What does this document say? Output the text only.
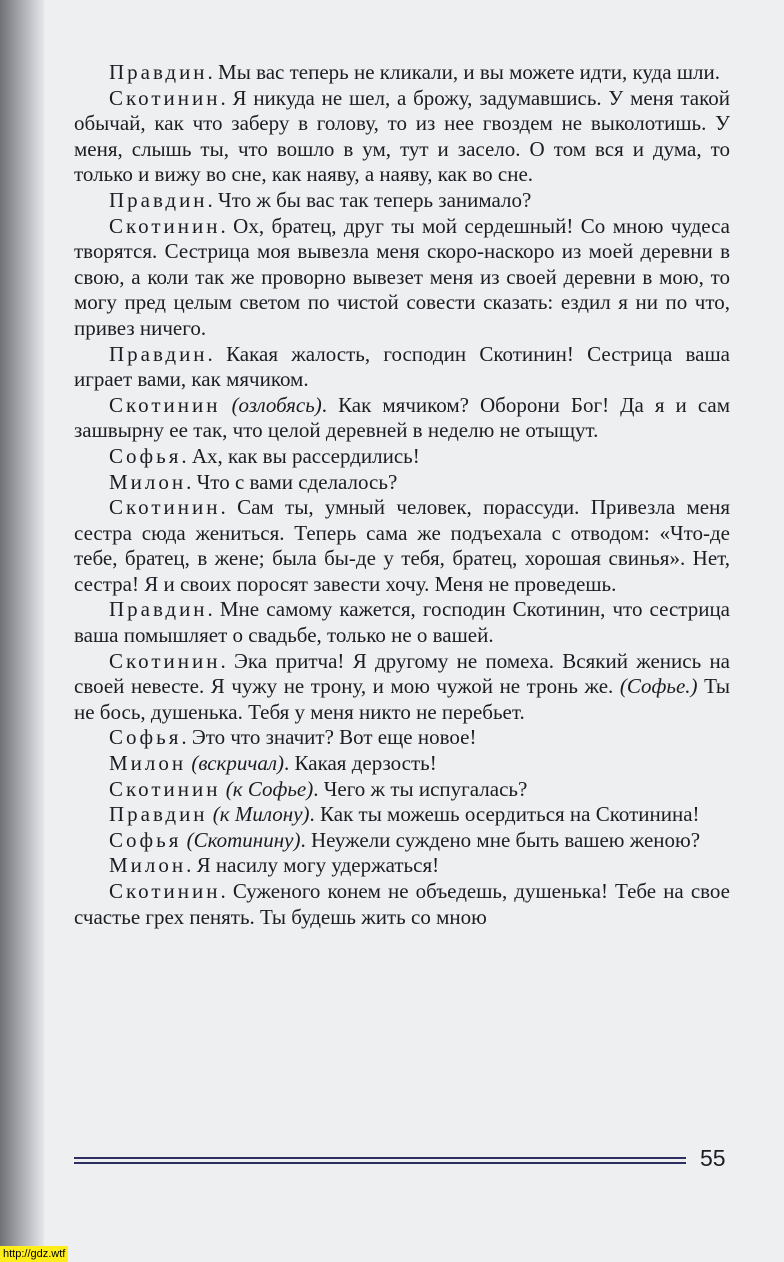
Правдин. Мы вас теперь не кликали, и вы можете идти, куда шли.

Скотинин. Я никуда не шел, а брожу, задумавшись. У меня такой обычай, как что заберу в голову, то из нее гвоздем не выколотишь. У меня, слышь ты, что вошло в ум, тут и засело. О том вся и дума, то только и вижу во сне, как наяву, а наяву, как во сне.

Правдин. Что ж бы вас так теперь занимало?

Скотинин. Ох, братец, друг ты мой сердешный! Со мною чудеса творятся. Сестрица моя вывезла меня скоро-наскоро из моей деревни в свою, а коли так же проворно вывезет меня из своей деревни в мою, то могу пред целым светом по чистой совести сказать: ездил я ни по что, привез ничего.

Правдин. Какая жалость, господин Скотинин! Сестрица ваша играет вами, как мячиком.

Скотинин (озлобясь). Как мячиком? Оборони Бог! Да я и сам зашвырну ее так, что целой деревней в неделю не отыщут.

Софья. Ах, как вы рассердились!

Милон. Что с вами сделалось?

Скотинин. Сам ты, умный человек, порассуди. Привезла меня сестра сюда жениться. Теперь сама же подъехала с отводом: «Что-де тебе, братец, в жене; была бы-де у тебя, братец, хорошая свинья». Нет, сестра! Я и своих поросят завести хочу. Меня не проведешь.

Правдин. Мне самому кажется, господин Скотинин, что сестрица ваша помышляет о свадьбе, только не о вашей.

Скотинин. Эка притча! Я другому не помеха. Всякий женись на своей невесте. Я чужу не трону, и мою чужой не тронь же. (Софье.) Ты не бось, душенька. Тебя у меня никто не перебьет.

Софья. Это что значит? Вот еще новое!

Милон (вскричал). Какая дерзость!

Скотинин (к Софье). Чего ж ты испугалась?

Правдин (к Милону). Как ты можешь осердиться на Скотинина!

Софья (Скотинину). Неужели суждено мне быть вашею женою?

Милон. Я насилу могу удержаться!

Скотинин. Суженого конем не объедешь, душенька! Тебе на свое счастье грех пенять. Ты будешь жить со мною

55
http://gdz.wtf
